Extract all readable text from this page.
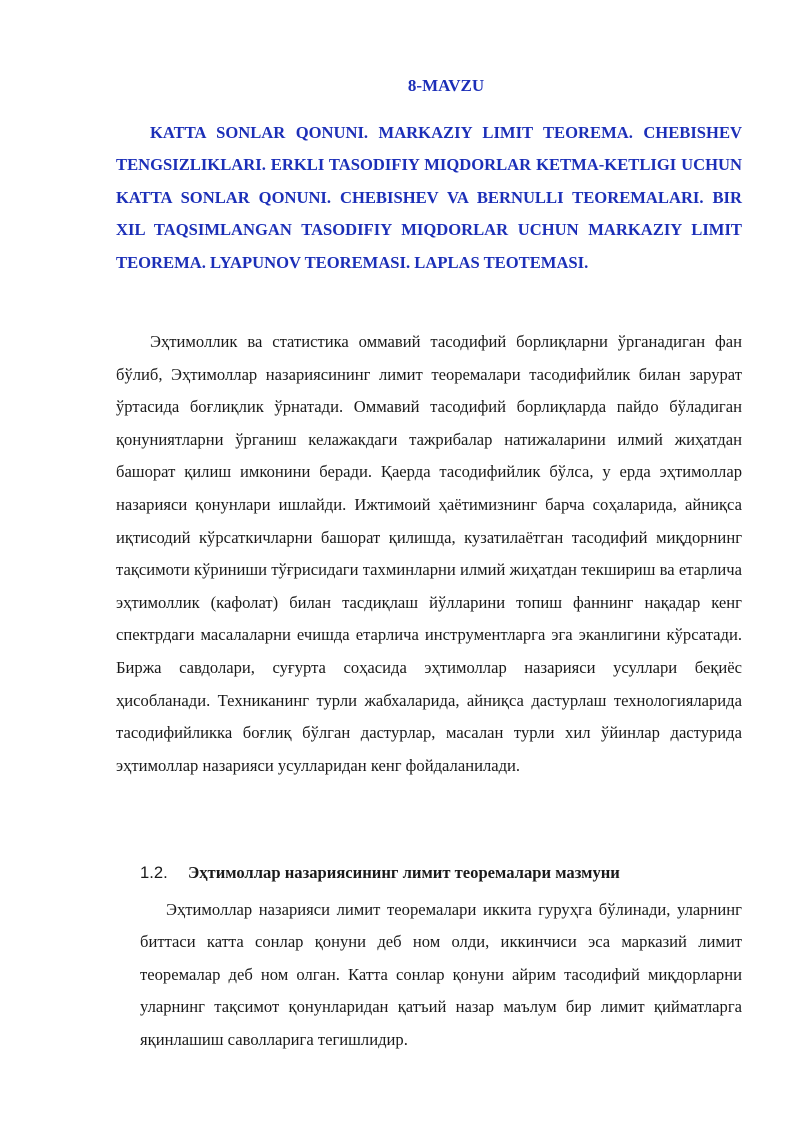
8-MAVZU

KATTA SONLAR QONUNI. MARKAZIY LIMIT TEOREMA. CHEBISHEV TENGSIZLIKLARI. ERKLI TASODIFIY MIQDORLAR KETMA-KETLIGI UCHUN KATTA SONLAR QONUNI. CHEBISHEV VA BERNULLI TEOREMALARI. BIR XIL TAQSIMLANGAN TASODIFIY MIQDORLAR UCHUN MARKAZIY LIMIT TEOREMA. LYAPUNOV TEOREMASI. LAPLAS TEOTEMASI.

Эҳтимоллик ва статистика оммавий тасодифий борлиқларни ўрганадиган фан бўлиб, Эҳтимоллар назариясининг лимит теоремалари тасодифийлик билан зарурат ўртасида боғлиқлик ўрнатади. Оммавий тасодифий борлиқларда пайдо бўладиган қонуниятларни ўрганиш келажакдаги тажрибалар натижаларини илмий жиҳатдан башорат қилиш имконини беради. Қаерда тасодифийлик бўлса, у ерда эҳтимоллар назарияси қонунлари ишлайди. Ижтимоий ҳаётимизнинг барча соҳаларида, айниқса иқтисодий кўрсаткичларни башорат қилишда, кузатилаётган тасодифий миқдорнинг тақсимоти кўриниши тўғрисидаги тахминларни илмий жиҳатдан текшириш ва етарлича эҳтимоллик (кафолат) билан тасдиқлаш йўлларини топиш фаннинг нақадар кенг спектрдаги масалаларни ечишда етарлича инструментларга эга эканлигини кўрсатади. Биржа савдолари, суғурта соҳасида эҳтимоллар назарияси усуллари беқиёс ҳисобланади. Техниканинг турли жабхаларида, айниқса дастурлаш технологияларида тасодифийликка боғлиқ бўлган дастурлар, масалан турли хил ўйинлар дастурида эҳтимоллар назарияси усулларидан кенг фойдаланилади.

1.2. Эҳтимоллар назариясининг лимит теоремалари мазмуни

Эҳтимоллар назарияси лимит теоремалари иккита гуруҳга бўлинади, уларнинг биттаси катта сонлар қонуни деб ном олди, иккинчиси эса марказий лимит теоремалар деб ном олган. Катта сонлар қонуни айрим тасодифий миқдорларни уларнинг тақсимот қонунларидан қатъий назар маълум бир лимит қийматларга яқинлашиш саволларига тегишлидир.
